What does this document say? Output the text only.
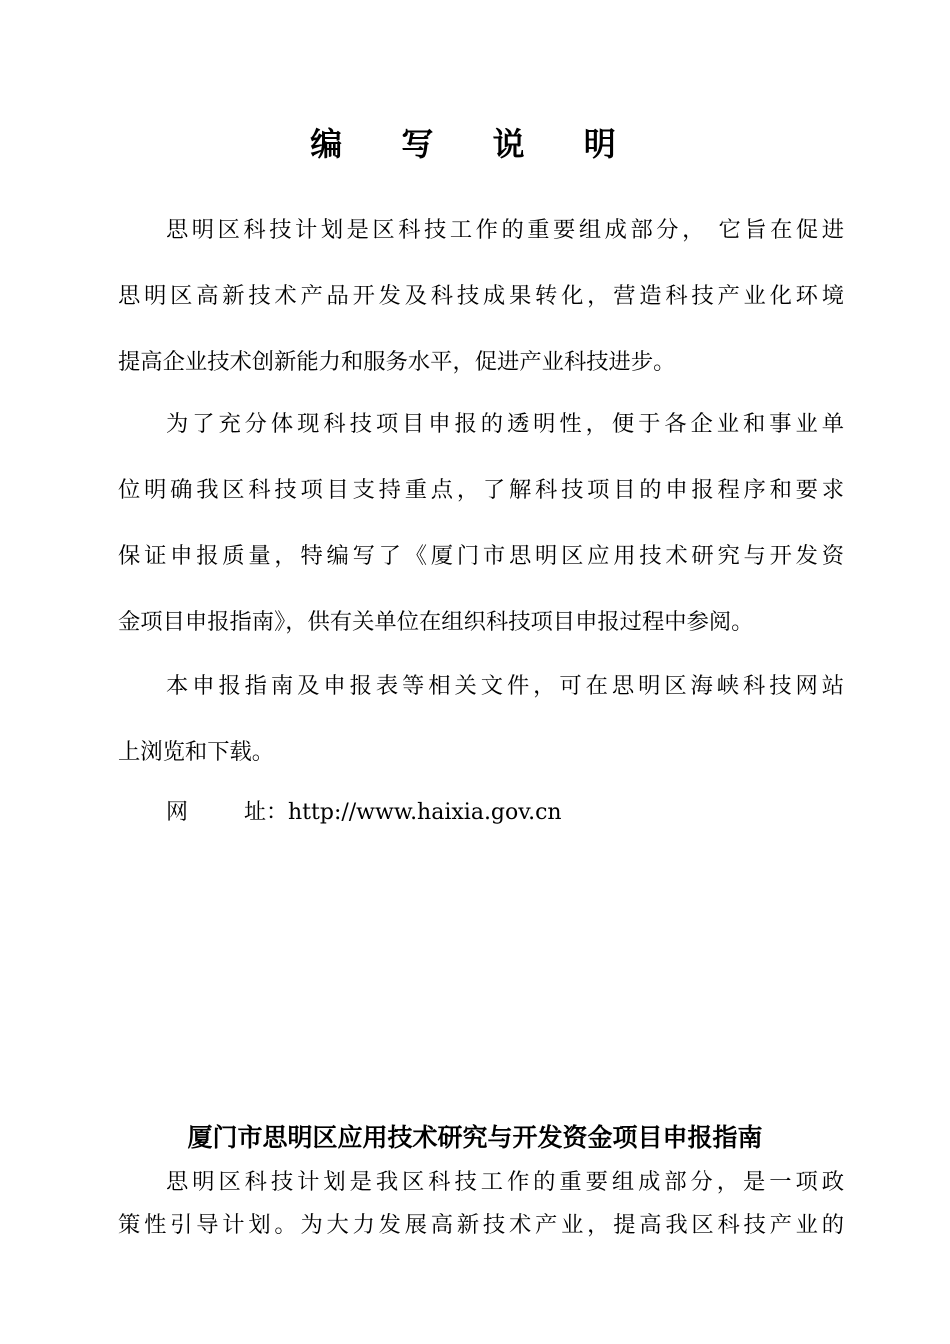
编 写 说 明
思明区科技计划是区科技工作的重要组成部分， 它旨在促进
思明区高新技术产品开发及科技成果转化，营造科技产业化环境
提高企业技术创新能力和服务水平，促进产业科技进步。
为了充分体现科技项目申报的透明性，便于各企业和事业单
位明确我区科技项目支持重点，了解科技项目的申报程序和要求
保证申报质量，特编写了《厦门市思明区应用技术研究与开发资
金项目申报指南》，供有关单位在组织科技项目申报过程中参阅。
本申报指南及申报表等相关文件，可在思明区海峡科技网站
上浏览和下载。
网	址：http://www.haixia.gov.cn
厦门市思明区应用技术研究与开发资金项目申报指南
思明区科技计划是我区科技工作的重要组成部分，是一项政
策性引导计划。为大力发展高新技术产业，提高我区科技产业的
